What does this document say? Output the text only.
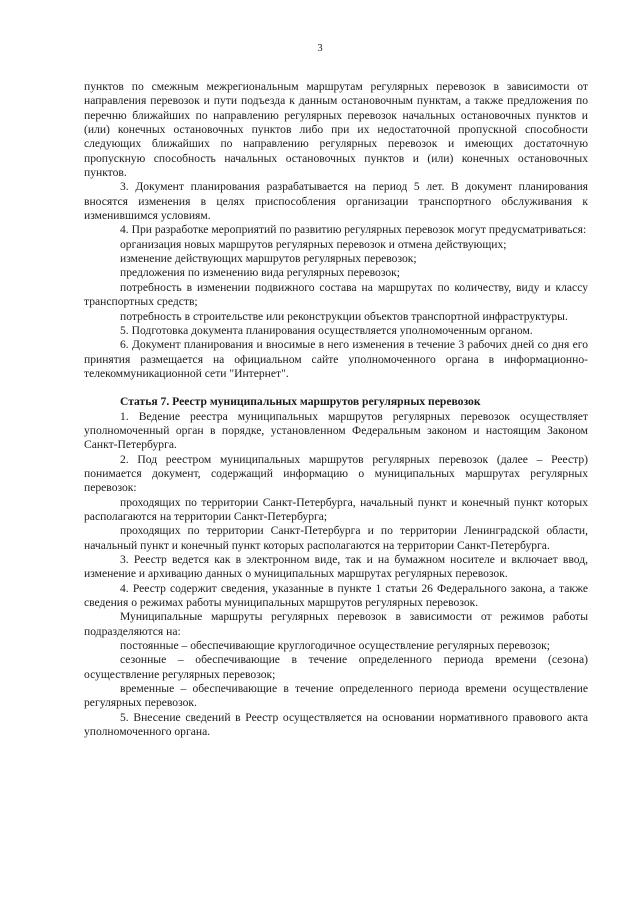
3

пунктов по смежным межрегиональным маршрутам регулярных перевозок в зависимости от направления перевозок и пути подъезда к данным остановочным пунктам, а также предложения по перечню ближайших по направлению регулярных перевозок начальных остановочных пунктов и (или) конечных остановочных пунктов либо при их недостаточной пропускной способности следующих ближайших по направлению регулярных перевозок и имеющих достаточную пропускную способность начальных остановочных пунктов и (или) конечных остановочных пунктов.

3. Документ планирования разрабатывается на период 5 лет. В документ планирования вносятся изменения в целях приспособления организации транспортного обслуживания к изменившимся условиям.

4. При разработке мероприятий по развитию регулярных перевозок могут предусматриваться:

организация новых маршрутов регулярных перевозок и отмена действующих;

изменение действующих маршрутов регулярных перевозок;

предложения по изменению вида регулярных перевозок;

потребность в изменении подвижного состава на маршрутах по количеству, виду и классу транспортных средств;

потребность в строительстве или реконструкции объектов транспортной инфраструктуры.

5. Подготовка документа планирования осуществляется уполномоченным органом.

6. Документ планирования и вносимые в него изменения в течение 3 рабочих дней со дня его принятия размещается на официальном сайте уполномоченного органа в информационно-телекоммуникационной сети "Интернет".

Статья 7. Реестр муниципальных маршрутов регулярных перевозок

1. Ведение реестра муниципальных маршрутов регулярных перевозок осуществляет уполномоченный орган в порядке, установленном Федеральным законом и настоящим Законом Санкт-Петербурга.

2. Под реестром муниципальных маршрутов регулярных перевозок (далее – Реестр) понимается документ, содержащий информацию о муниципальных маршрутах регулярных перевозок:

проходящих по территории Санкт-Петербурга, начальный пункт и конечный пункт которых располагаются на территории Санкт-Петербурга;

проходящих по территории Санкт-Петербурга и по территории Ленинградской области, начальный пункт и конечный пункт которых располагаются на территории Санкт-Петербурга.

3. Реестр ведется как в электронном виде, так и на бумажном носителе и включает ввод, изменение и архивацию данных о муниципальных маршрутах регулярных перевозок.

4. Реестр содержит сведения, указанные в пункте 1 статьи 26 Федерального закона, а также сведения о режимах работы муниципальных маршрутов регулярных перевозок.

Муниципальные маршруты регулярных перевозок в зависимости от режимов работы подразделяются на:

постоянные – обеспечивающие круглогодичное осуществление регулярных перевозок;

сезонные – обеспечивающие в течение определенного периода времени (сезона) осуществление регулярных перевозок;

временные – обеспечивающие в течение определенного периода времени осуществление регулярных перевозок.

5. Внесение сведений в Реестр осуществляется на основании нормативного правового акта уполномоченного органа.
